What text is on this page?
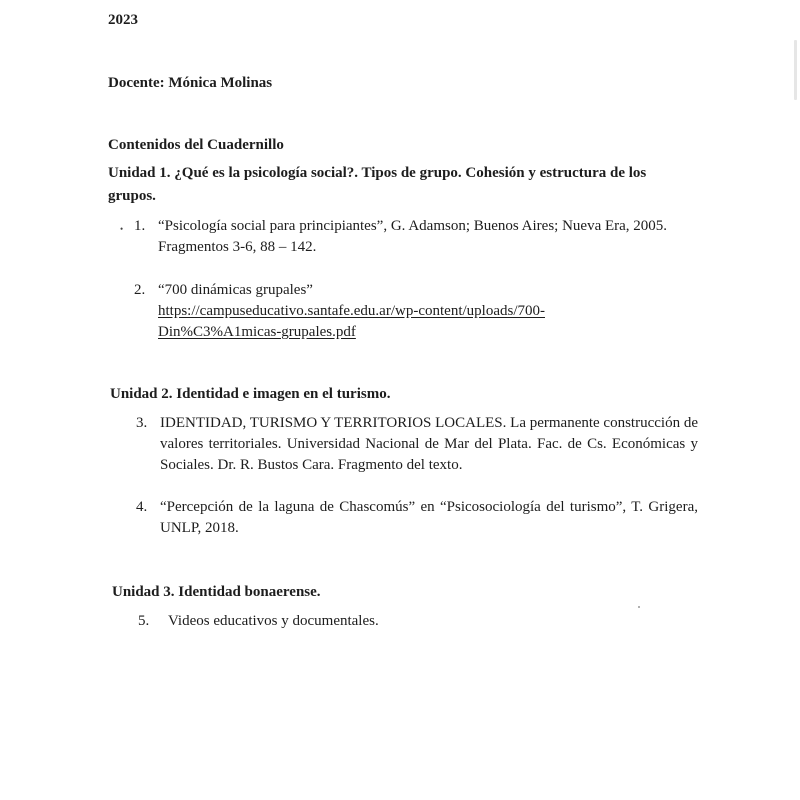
2023
Docente: Mónica Molinas
Contenidos del Cuadernillo
Unidad 1. ¿Qué es la psicología social?. Tipos de grupo. Cohesión y estructura de los grupos.
• 1. “Psicología social para principiantes”, G. Adamson; Buenos Aires; Nueva Era, 2005. Fragmentos 3-6, 88 – 142.
2. “700 dinámicas grupales”
https://campuseducativo.santafe.edu.ar/wp-content/uploads/700-
Din%C3%A1micas-grupales.pdf
Unidad 2. Identidad e imagen en el turismo.
3. IDENTIDAD, TURISMO Y TERRITORIOS LOCALES. La permanente construcción de valores territoriales. Universidad Nacional de Mar del Plata. Fac. de Cs. Económicas y Sociales. Dr. R. Bustos Cara. Fragmento del texto.
4. “Percepción de la laguna de Chascomús” en “Psicosociología del turismo”, T. Grigera, UNLP, 2018.
Unidad 3. Identidad bonaerense.
5.	Videos educativos y documentales.
